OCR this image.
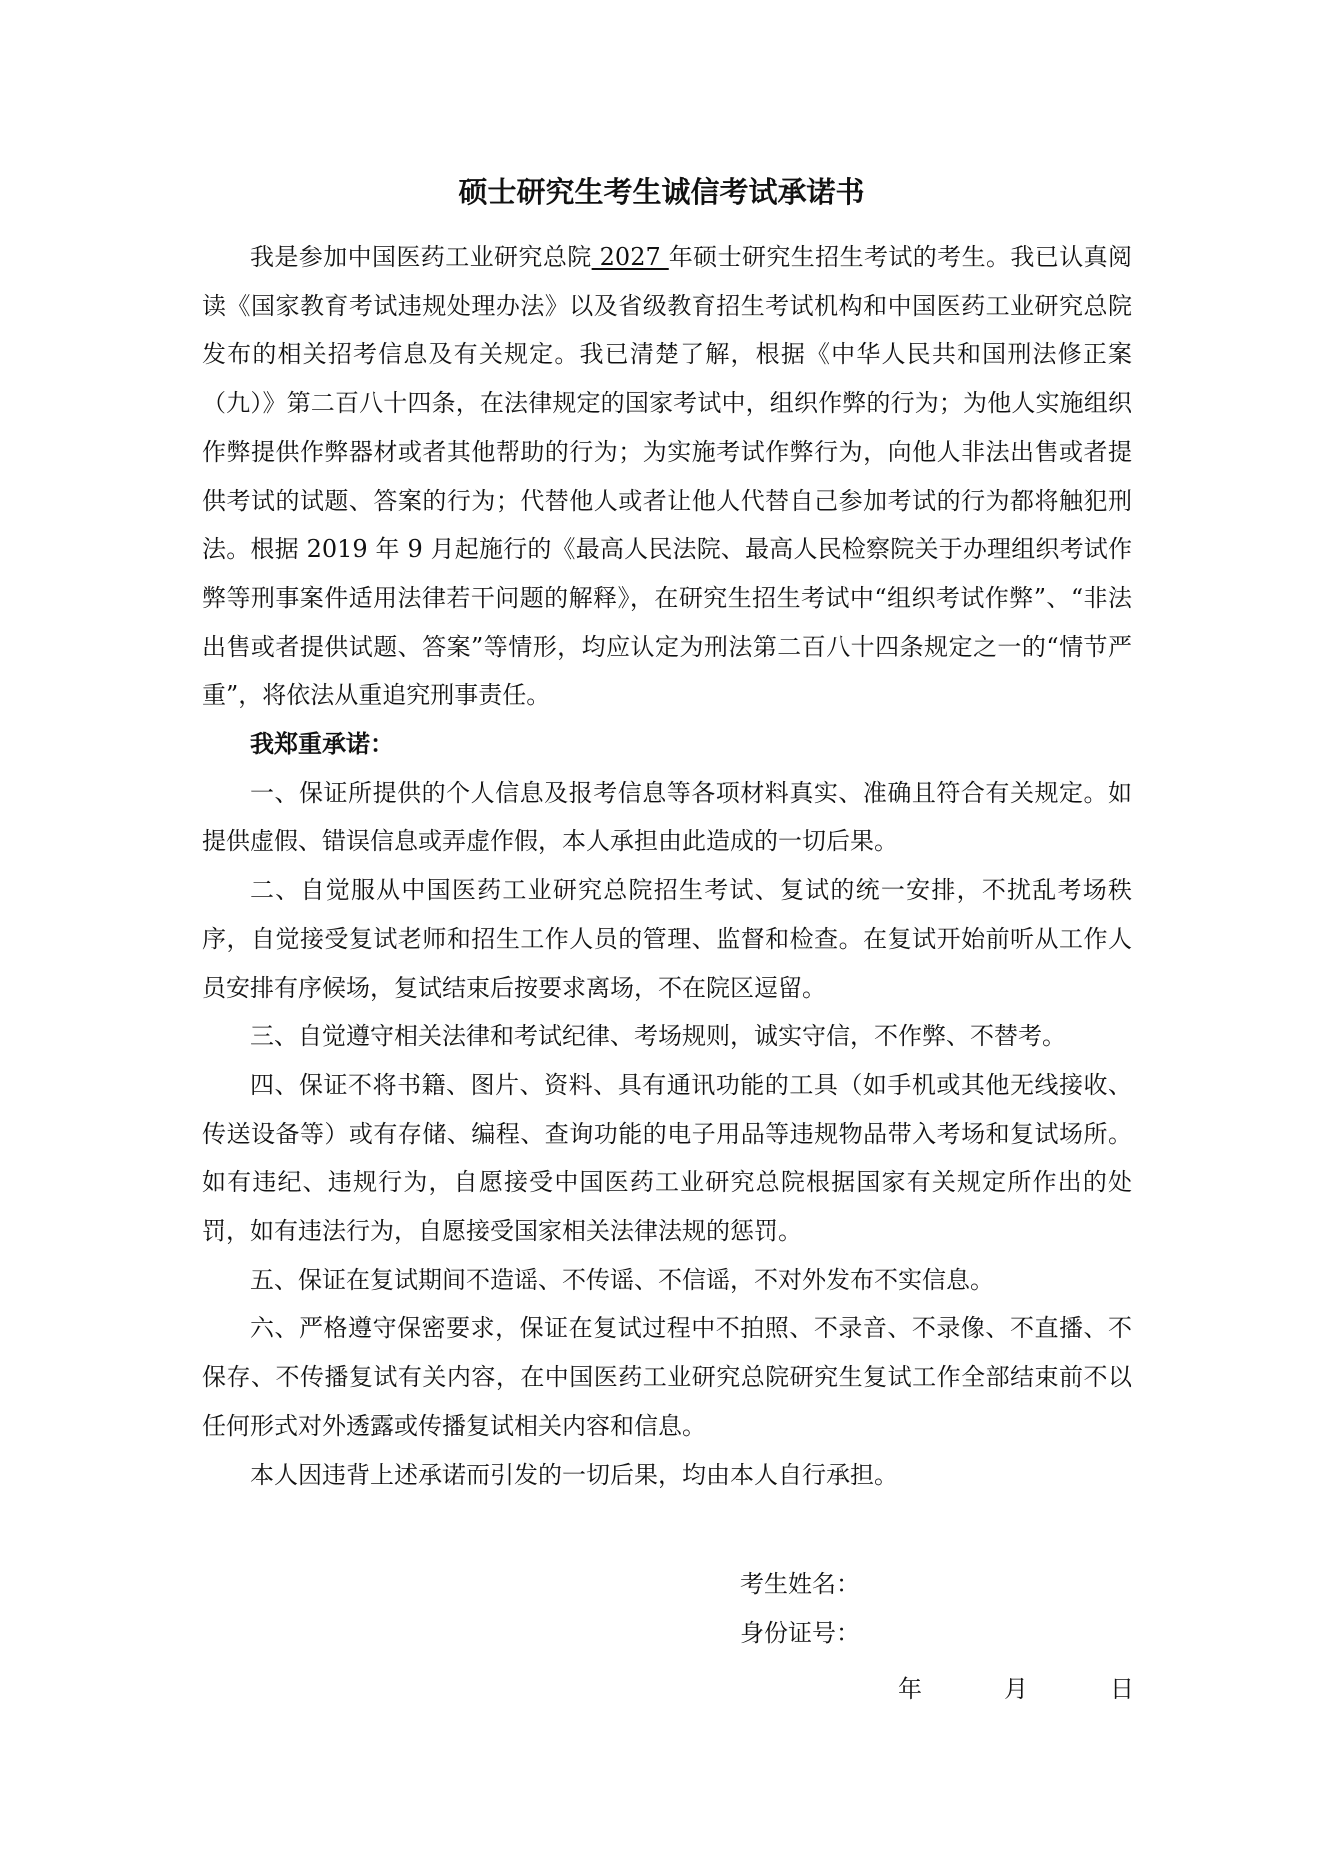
硕士研究生考生诚信考试承诺书

我是参加中国医药工业研究总院 2027 年硕士研究生招生考试的考生。我已认真阅读《国家教育考试违规处理办法》以及省级教育招生考试机构和中国医药工业研究总院发布的相关招考信息及有关规定。我已清楚了解，根据《中华人民共和国刑法修正案（九）》第二百八十四条，在法律规定的国家考试中，组织作弊的行为；为他人实施组织作弊提供作弊器材或者其他帮助的行为；为实施考试作弊行为，向他人非法出售或者提供考试的试题、答案的行为；代替他人或者让他人代替自己参加考试的行为都将触犯刑法。根据 2019 年 9 月起施行的《最高人民法院、最高人民检察院关于办理组织考试作弊等刑事案件适用法律若干问题的解释》，在研究生招生考试中“组织考试作弊”、“非法出售或者提供试题、答案”等情形，均应认定为刑法第二百八十四条规定之一的“情节严重”，将依法从重追究刑事责任。

我郑重承诺：

一、保证所提供的个人信息及报考信息等各项材料真实、准确且符合有关规定。如提供虚假、错误信息或弄虚作假，本人承担由此造成的一切后果。

二、自觉服从中国医药工业研究总院招生考试、复试的统一安排，不扰乱考场秩序，自觉接受复试老师和招生工作人员的管理、监督和检查。在复试开始前听从工作人员安排有序候场，复试结束后按要求离场，不在院区逗留。

三、自觉遵守相关法律和考试纪律、考场规则，诚实守信，不作弊、不替考。

四、保证不将书籍、图片、资料、具有通讯功能的工具（如手机或其他无线接收、传送设备等）或有存储、编程、查询功能的电子用品等违规物品带入考场和复试场所。如有违纪、违规行为，自愿接受中国医药工业研究总院根据国家有关规定所作出的处罚，如有违法行为，自愿接受国家相关法律法规的惩罚。

五、保证在复试期间不造谣、不传谣、不信谣，不对外发布不实信息。

六、严格遵守保密要求，保证在复试过程中不拍照、不录音、不录像、不直播、不保存、不传播复试有关内容，在中国医药工业研究总院研究生复试工作全部结束前不以任何形式对外透露或传播复试相关内容和信息。

本人因违背上述承诺而引发的一切后果，均由本人自行承担。

考生姓名：
身份证号：
年	月	日
